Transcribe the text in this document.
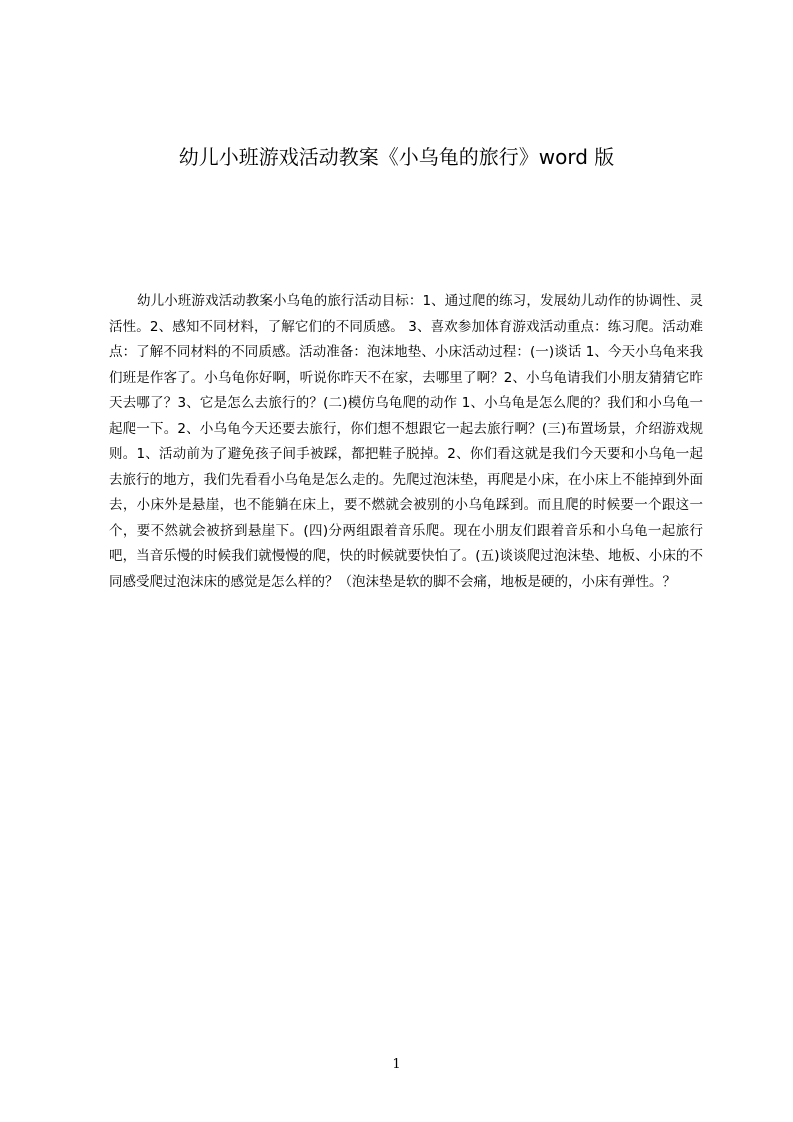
幼儿小班游戏活动教案《小乌龟的旅行》word 版

幼儿小班游戏活动教案小乌龟的旅行活动目标：1、通过爬的练习，发展幼儿动作的协调性、灵活性。2、感知不同材料，了解它们的不同质感。 3、喜欢参加体育游戏活动重点：练习爬。活动难点：了解不同材料的不同质感。活动准备：泡沫地垫、小床活动过程：(一)谈话 1、今天小乌龟来我们班是作客了。小乌龟你好啊，听说你昨天不在家，去哪里了啊？2、小乌龟请我们小朋友猜猜它昨天去哪了？3、它是怎么去旅行的？(二)模仿乌龟爬的动作 1、小乌龟是怎么爬的？我们和小乌龟一起爬一下。2、小乌龟今天还要去旅行，你们想不想跟它一起去旅行啊？(三)布置场景，介绍游戏规则。1、活动前为了避免孩子间手被踩，都把鞋子脱掉。2、你们看这就是我们今天要和小乌龟一起去旅行的地方，我们先看看小乌龟是怎么走的。先爬过泡沫垫，再爬是小床，在小床上不能掉到外面去，小床外是悬崖，也不能躺在床上，要不燃就会被别的小乌龟踩到。而且爬的时候要一个跟这一个，要不然就会被挤到悬崖下。(四)分两组跟着音乐爬。现在小朋友们跟着音乐和小乌龟一起旅行吧，当音乐慢的时候我们就慢慢的爬，快的时候就要快怕了。(五)谈谈爬过泡沫垫、地板、小床的不同感受爬过泡沫床的感觉是怎么样的？（泡沫垫是软的脚不会痛，地板是硬的，小床有弹性。？

1
